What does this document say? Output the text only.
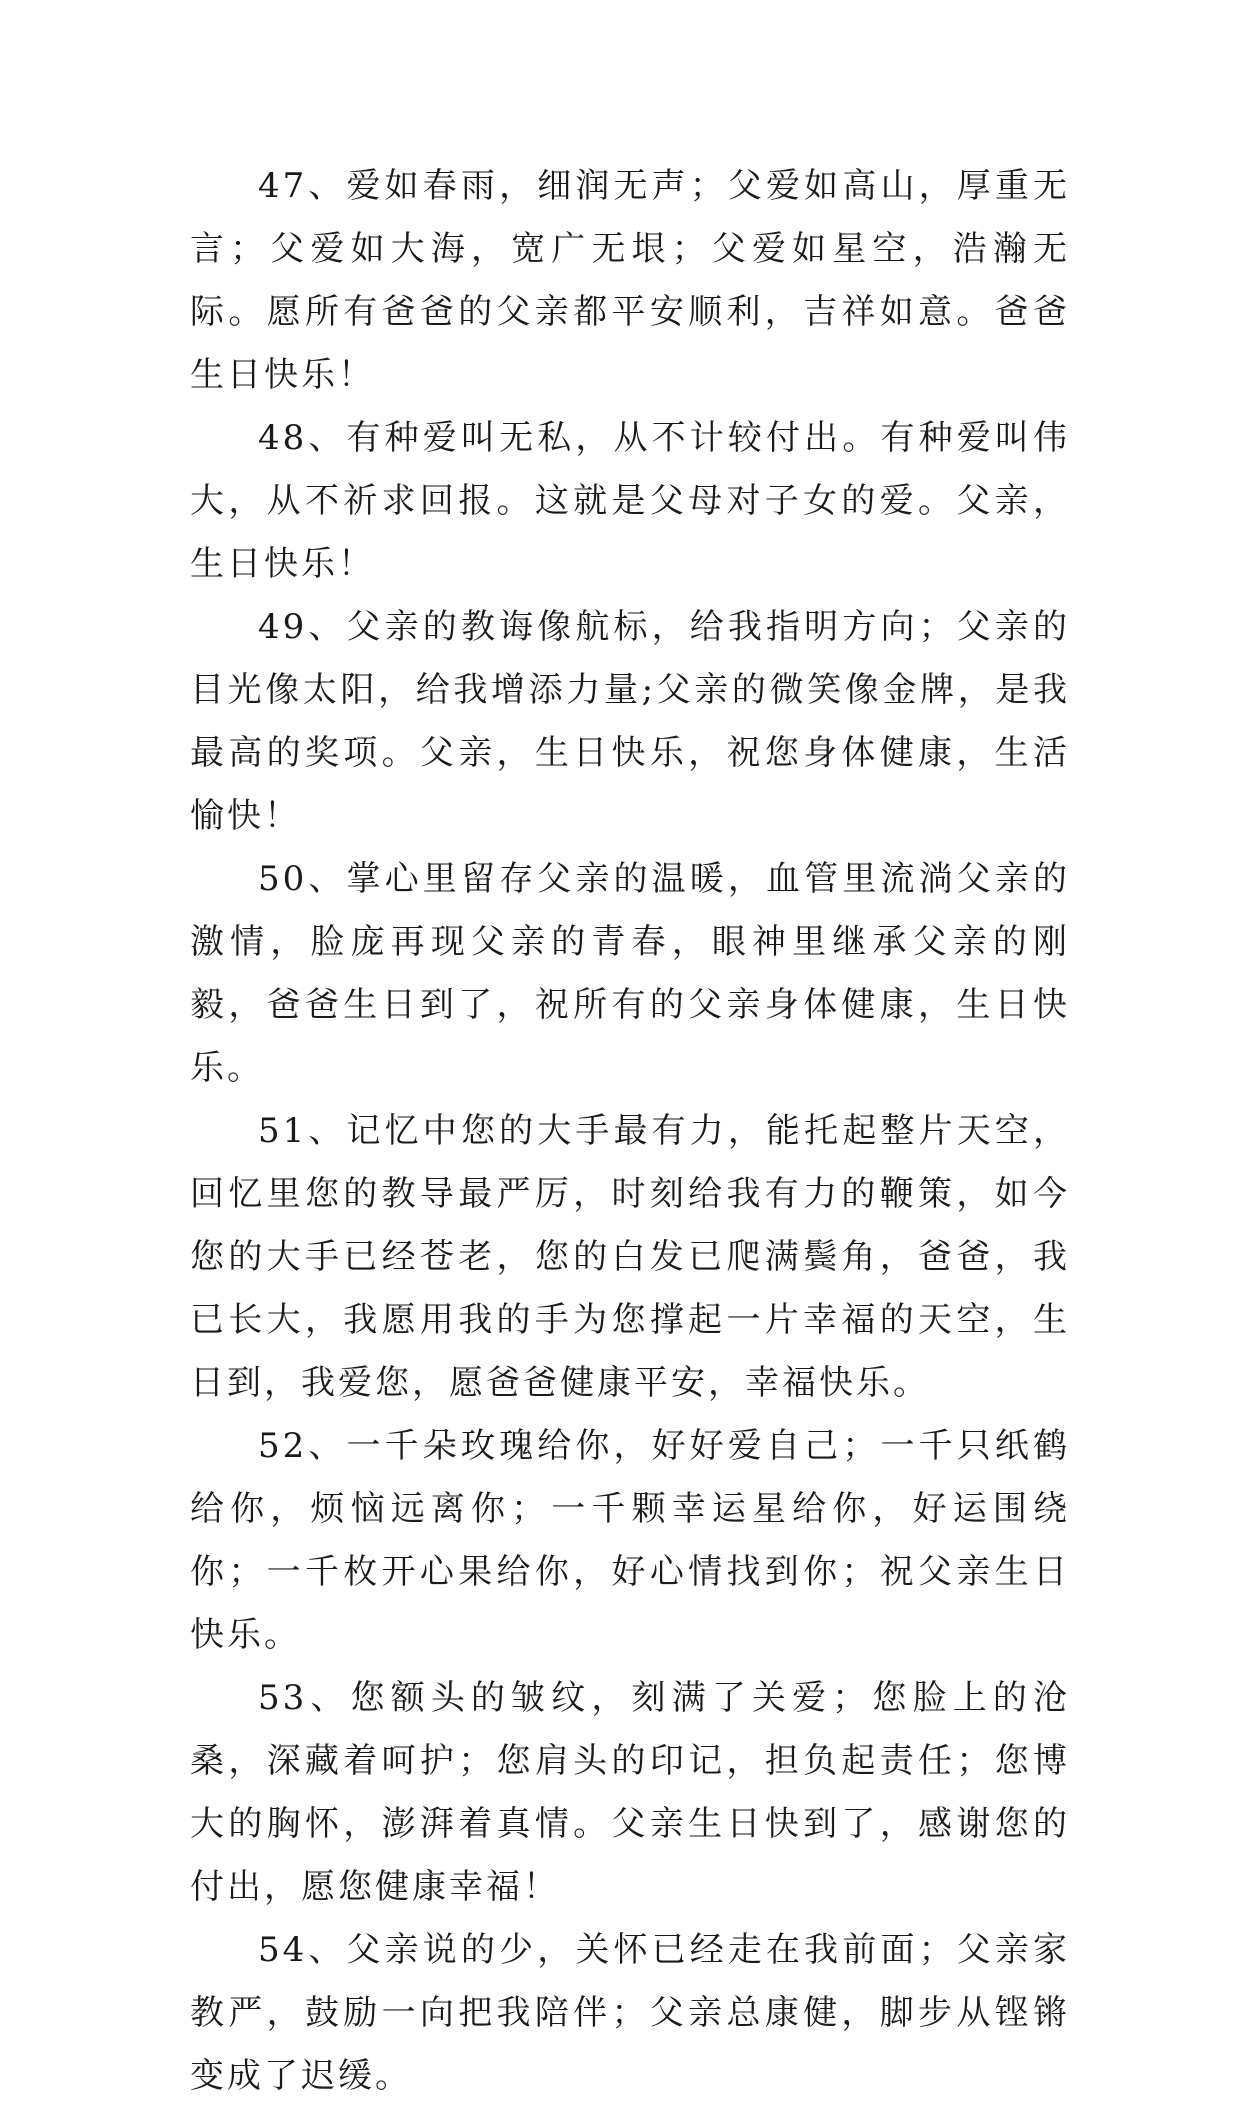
47、爱如春雨，细润无声；父爱如高山，厚重无言；父爱如大海，宽广无垠；父爱如星空，浩瀚无际。愿所有爸爸的父亲都平安顺利，吉祥如意。爸爸生日快乐！

48、有种爱叫无私，从不计较付出。有种爱叫伟大，从不祈求回报。这就是父母对子女的爱。父亲，生日快乐！

49、父亲的教诲像航标，给我指明方向；父亲的目光像太阳，给我增添力量;父亲的微笑像金牌，是我最高的奖项。父亲，生日快乐，祝您身体健康，生活愉快！

50、掌心里留存父亲的温暖，血管里流淌父亲的激情，脸庞再现父亲的青春，眼神里继承父亲的刚毅，爸爸生日到了，祝所有的父亲身体健康，生日快乐。

51、记忆中您的大手最有力，能托起整片天空，回忆里您的教导最严厉，时刻给我有力的鞭策，如今您的大手已经苍老，您的白发已爬满鬓角，爸爸，我已长大，我愿用我的手为您撑起一片幸福的天空，生日到，我爱您，愿爸爸健康平安，幸福快乐。

52、一千朵玫瑰给你，好好爱自己；一千只纸鹤给你，烦恼远离你；一千颗幸运星给你，好运围绕你；一千枚开心果给你，好心情找到你；祝父亲生日快乐。

53、您额头的皱纹，刻满了关爱；您脸上的沧桑，深藏着呵护；您肩头的印记，担负起责任；您博大的胸怀，澎湃着真情。父亲生日快到了，感谢您的付出，愿您健康幸福！

54、父亲说的少，关怀已经走在我前面；父亲家教严，鼓励一向把我陪伴；父亲总康健，脚步从铿锵变成了迟缓。
